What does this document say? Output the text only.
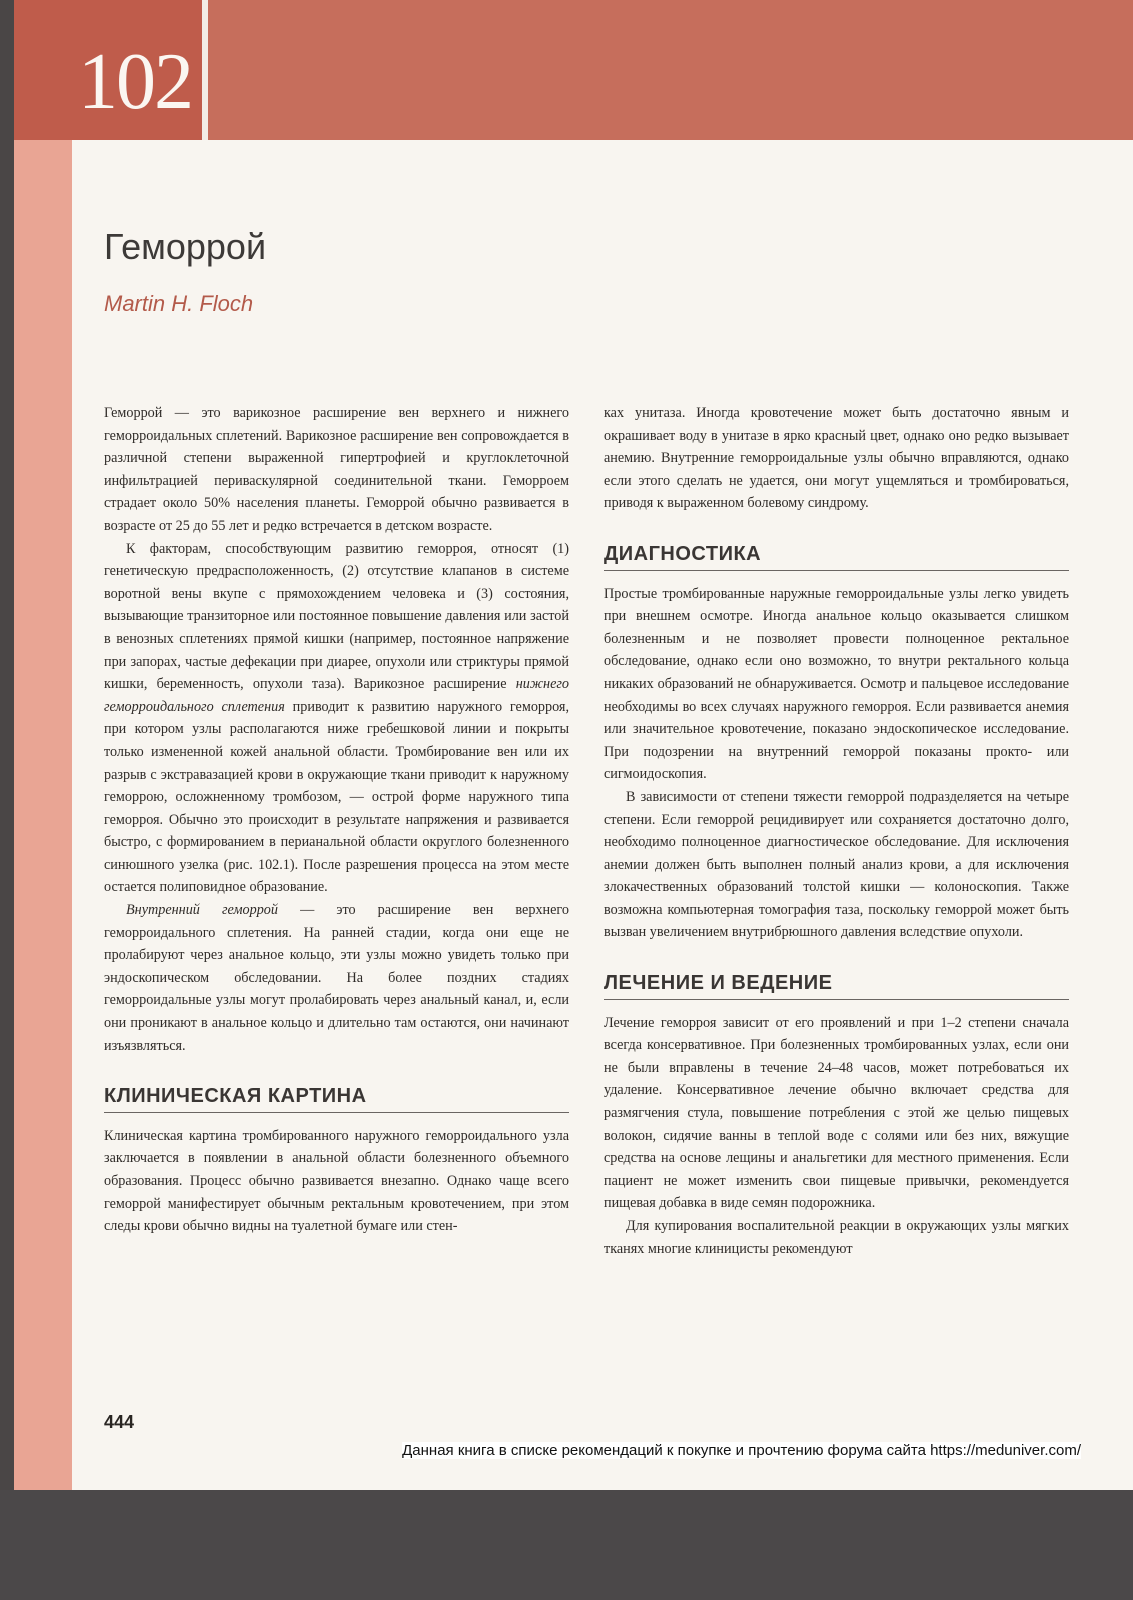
102
Геморрой
Martin H. Floch

Геморрой — это варикозное расширение вен верхнего и нижнего геморроидальных сплетений. Варикозное расширение вен сопровождается в различной степени выраженной гипертрофией и круглоклеточной инфильтрацией периваскулярной соединительной ткани. Геморроем страдает около 50% населения планеты. Геморрой обычно развивается в возрасте от 25 до 55 лет и редко встречается в детском возрасте.

К факторам, способствующим развитию геморроя, относят (1) генетическую предрасположенность, (2) отсутствие клапанов в системе воротной вены вкупе с прямохождением человека и (3) состояния, вызывающие транзиторное или постоянное повышение давления или застой в венозных сплетениях прямой кишки (например, постоянное напряжение при запорах, частые дефекации при диарее, опухоли или стриктуры прямой кишки, беременность, опухоли таза). Варикозное расширение нижнего геморроидального сплетения приводит к развитию наружного геморроя, при котором узлы располагаются ниже гребешковой линии и покрыты только измененной кожей анальной области. Тромбирование вен или их разрыв с экстравазацией крови в окружающие ткани приводит к наружному геморрою, осложненному тромбозом, — острой форме наружного типа геморроя. Обычно это происходит в результате напряжения и развивается быстро, с формированием в перианальной области округлого болезненного синюшного узелка (рис. 102.1). После разрешения процесса на этом месте остается полиповидное образование.

Внутренний геморрой — это расширение вен верхнего геморроидального сплетения. На ранней стадии, когда они еще не пролабируют через анальное кольцо, эти узлы можно увидеть только при эндоскопическом обследовании. На более поздних стадиях геморроидальные узлы могут пролабировать через анальный канал, и, если они проникают в анальное кольцо и длительно там остаются, они начинают изъязвляться.

КЛИНИЧЕСКАЯ КАРТИНА

Клиническая картина тромбированного наружного геморроидального узла заключается в появлении в анальной области болезненного объемного образования. Процесс обычно развивается внезапно. Однако чаще всего геморрой манифестирует обычным ректальным кровотечением, при этом следы крови обычно видны на туалетной бумаге или стен-

ках унитаза. Иногда кровотечение может быть достаточно явным и окрашивает воду в унитазе в ярко красный цвет, однако оно редко вызывает анемию. Внутренние геморроидальные узлы обычно вправляются, однако если этого сделать не удается, они могут ущемляться и тромбироваться, приводя к выраженном болевому синдрому.

ДИАГНОСТИКА

Простые тромбированные наружные геморроидальные узлы легко увидеть при внешнем осмотре. Иногда анальное кольцо оказывается слишком болезненным и не позволяет провести полноценное ректальное обследование, однако если оно возможно, то внутри ректального кольца никаких образований не обнаруживается. Осмотр и пальцевое исследование необходимы во всех случаях наружного геморроя. Если развивается анемия или значительное кровотечение, показано эндоскопическое исследование. При подозрении на внутренний геморрой показаны прокто- или сигмоидоскопия.

В зависимости от степени тяжести геморрой подразделяется на четыре степени. Если геморрой рецидивирует или сохраняется достаточно долго, необходимо полноценное диагностическое обследование. Для исключения анемии должен быть выполнен полный анализ крови, а для исключения злокачественных образований толстой кишки — колоноскопия. Также возможна компьютерная томография таза, поскольку геморрой может быть вызван увеличением внутрибрюшного давления вследствие опухоли.

ЛЕЧЕНИЕ И ВЕДЕНИЕ

Лечение геморроя зависит от его проявлений и при 1–2 степени сначала всегда консервативное. При болезненных тромбированных узлах, если они не были вправлены в течение 24–48 часов, может потребоваться их удаление. Консервативное лечение обычно включает средства для размягчения стула, повышение потребления с этой же целью пищевых волокон, сидячие ванны в теплой воде с солями или без них, вяжущие средства на основе лещины и анальгетики для местного применения. Если пациент не может изменить свои пищевые привычки, рекомендуется пищевая добавка в виде семян подорожника.

Для купирования воспалительной реакции в окружающих узлы мягких тканях многие клиницисты рекомендуют

444
Данная книга в списке рекомендаций к покупке и прочтению форума сайта https://meduniver.com/
